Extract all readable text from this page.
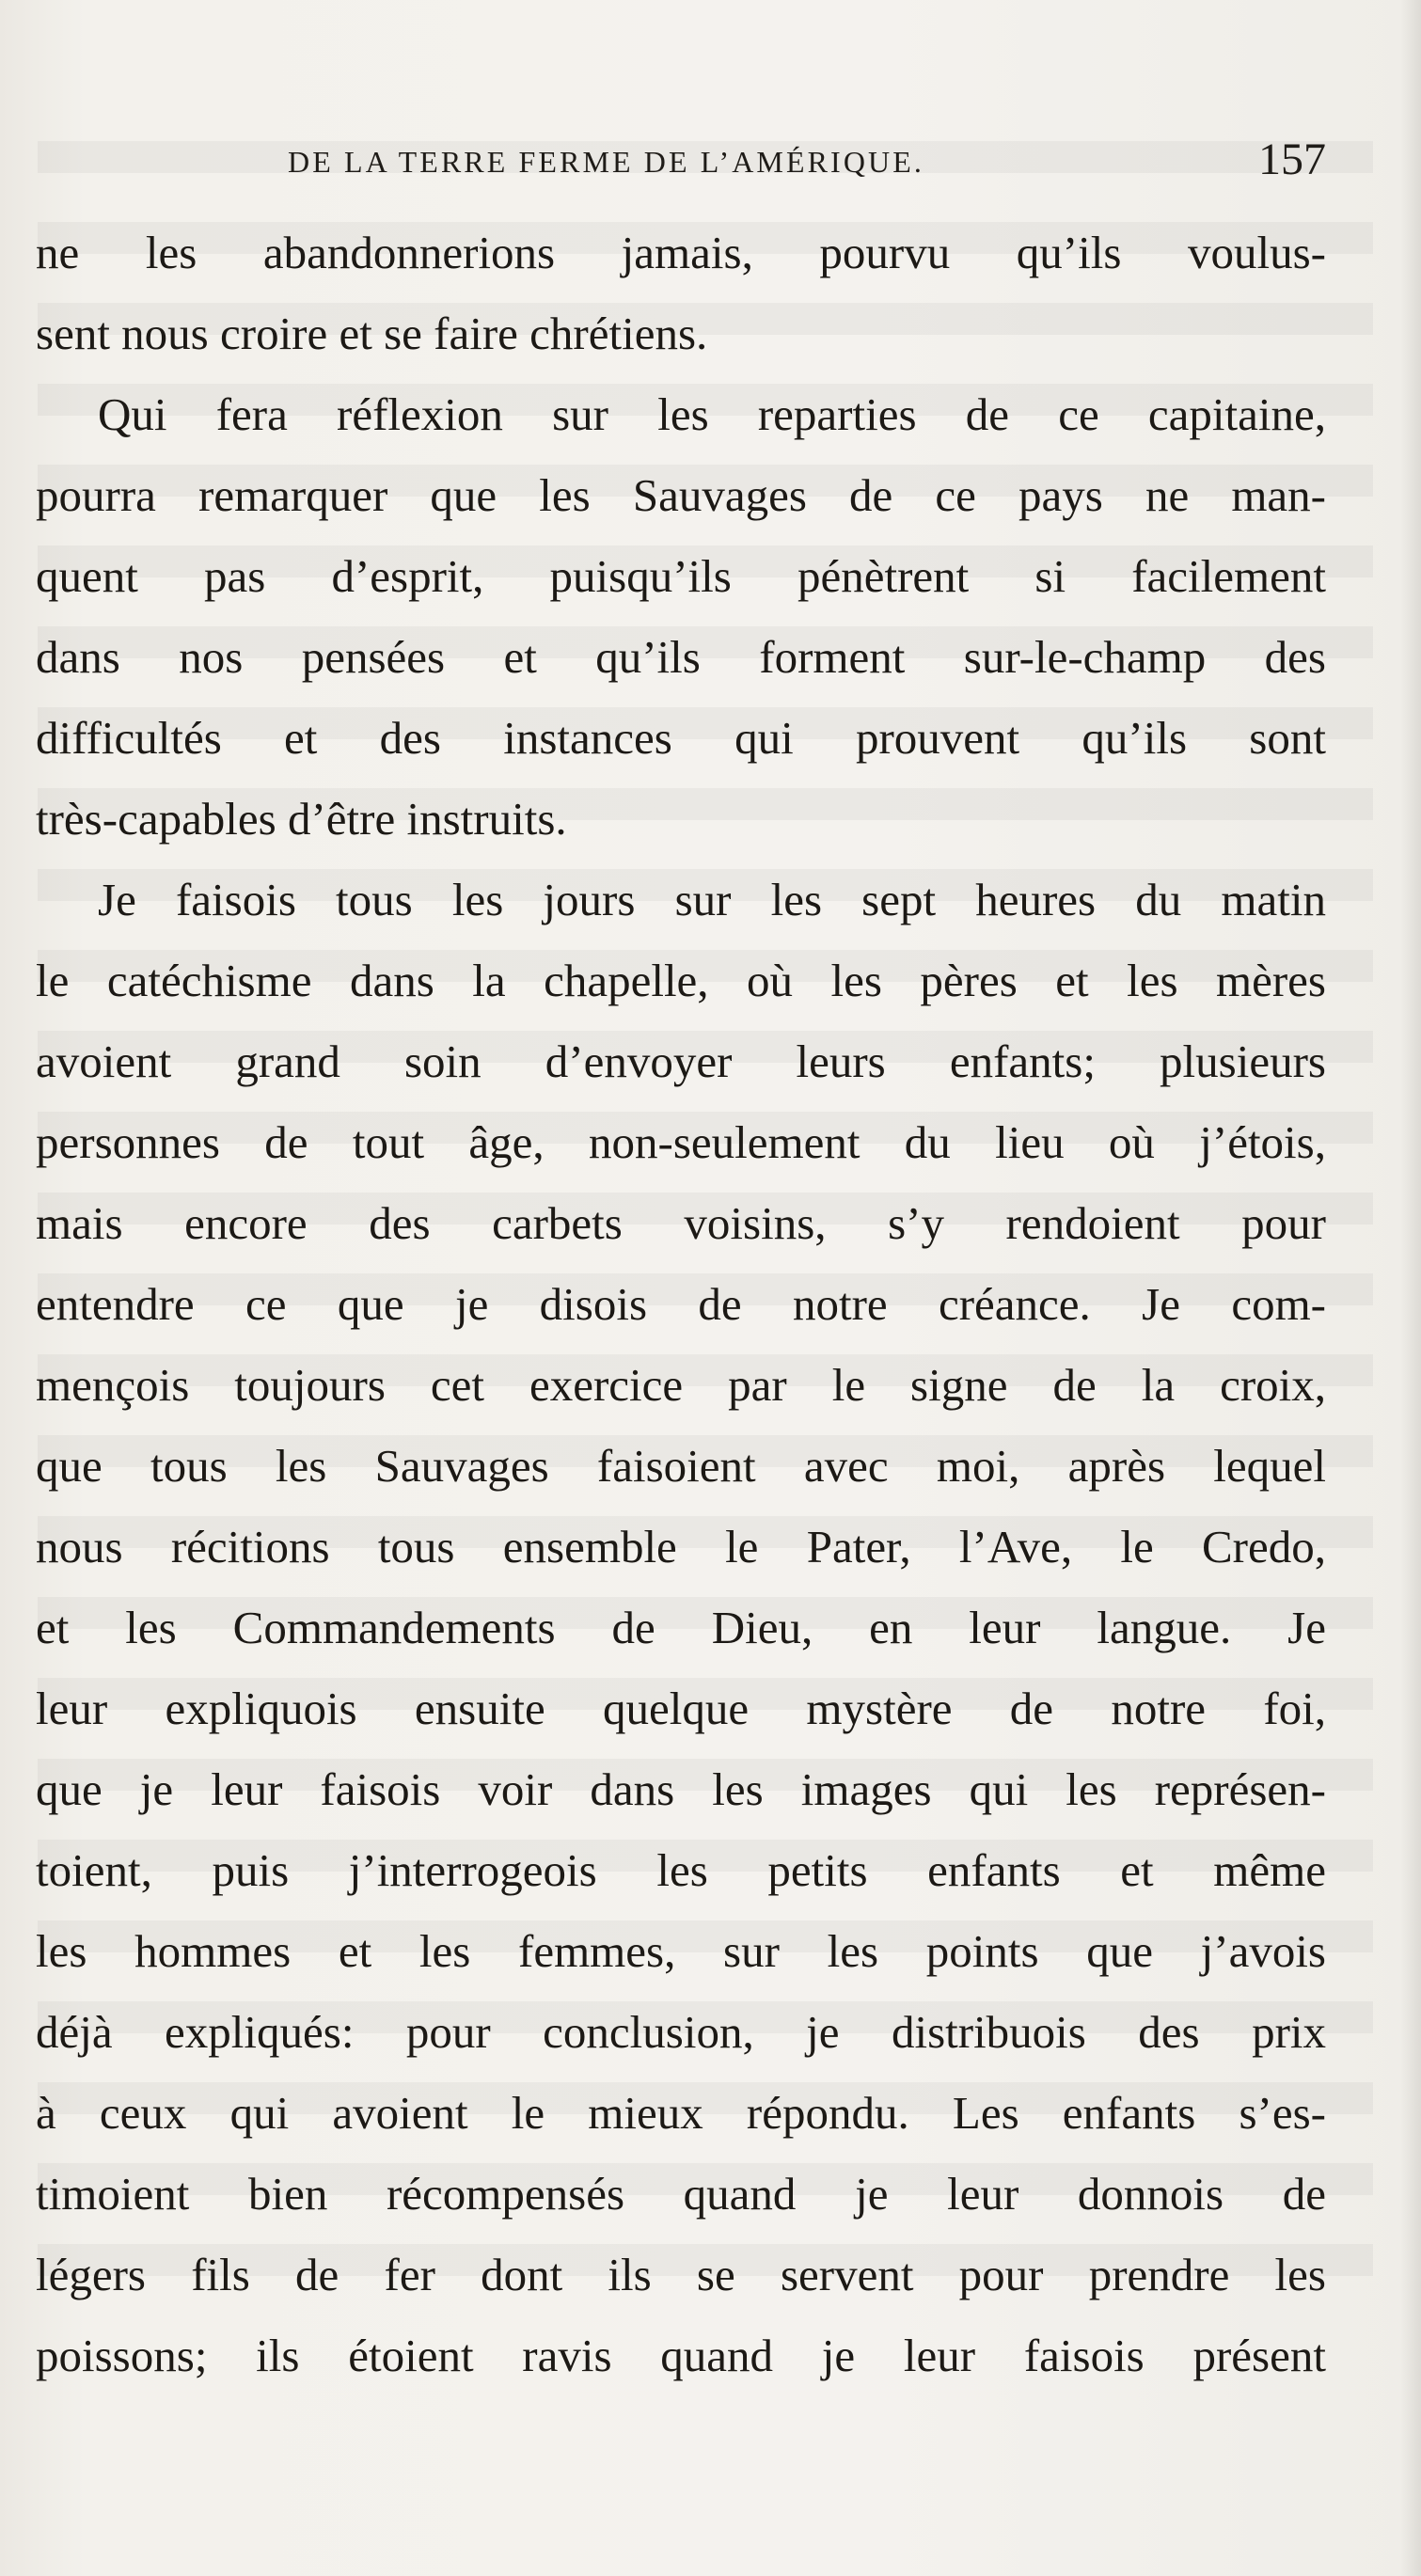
DE LA TERRE FERME DE L’AMÉRIQUE.	157
ne les abandonnerions jamais, pourvu qu’ils voulus-
sent nous croire et se faire chrétiens.
Qui fera réflexion sur les reparties de ce capitaine,
pourra remarquer que les Sauvages de ce pays ne man-
quent pas d’esprit, puisqu’ils pénètrent si facilement
dans nos pensées et qu’ils forment sur-le-champ des
difficultés et des instances qui prouvent qu’ils sont
très-capables d’être instruits.
Je faisois tous les jours sur les sept heures du matin
le catéchisme dans la chapelle, où les pères et les mères
avoient grand soin d’envoyer leurs enfants; plusieurs
personnes de tout âge, non-seulement du lieu où j’étois,
mais encore des carbets voisins, s’y rendoient pour
entendre ce que je disois de notre créance. Je com-
mençois toujours cet exercice par le signe de la croix,
que tous les Sauvages faisoient avec moi, après lequel
nous récitions tous ensemble le Pater, l’Ave, le Credo,
et les Commandements de Dieu, en leur langue. Je
leur expliquois ensuite quelque mystère de notre foi,
que je leur faisois voir dans les images qui les représen-
toient, puis j’interrogeois les petits enfants et même
les hommes et les femmes, sur les points que j’avois
déjà expliqués: pour conclusion, je distribuois des prix
à ceux qui avoient le mieux répondu. Les enfants s’es-
timoient bien récompensés quand je leur donnois de
légers fils de fer dont ils se servent pour prendre les
poissons; ils étoient ravis quand je leur faisois présent
